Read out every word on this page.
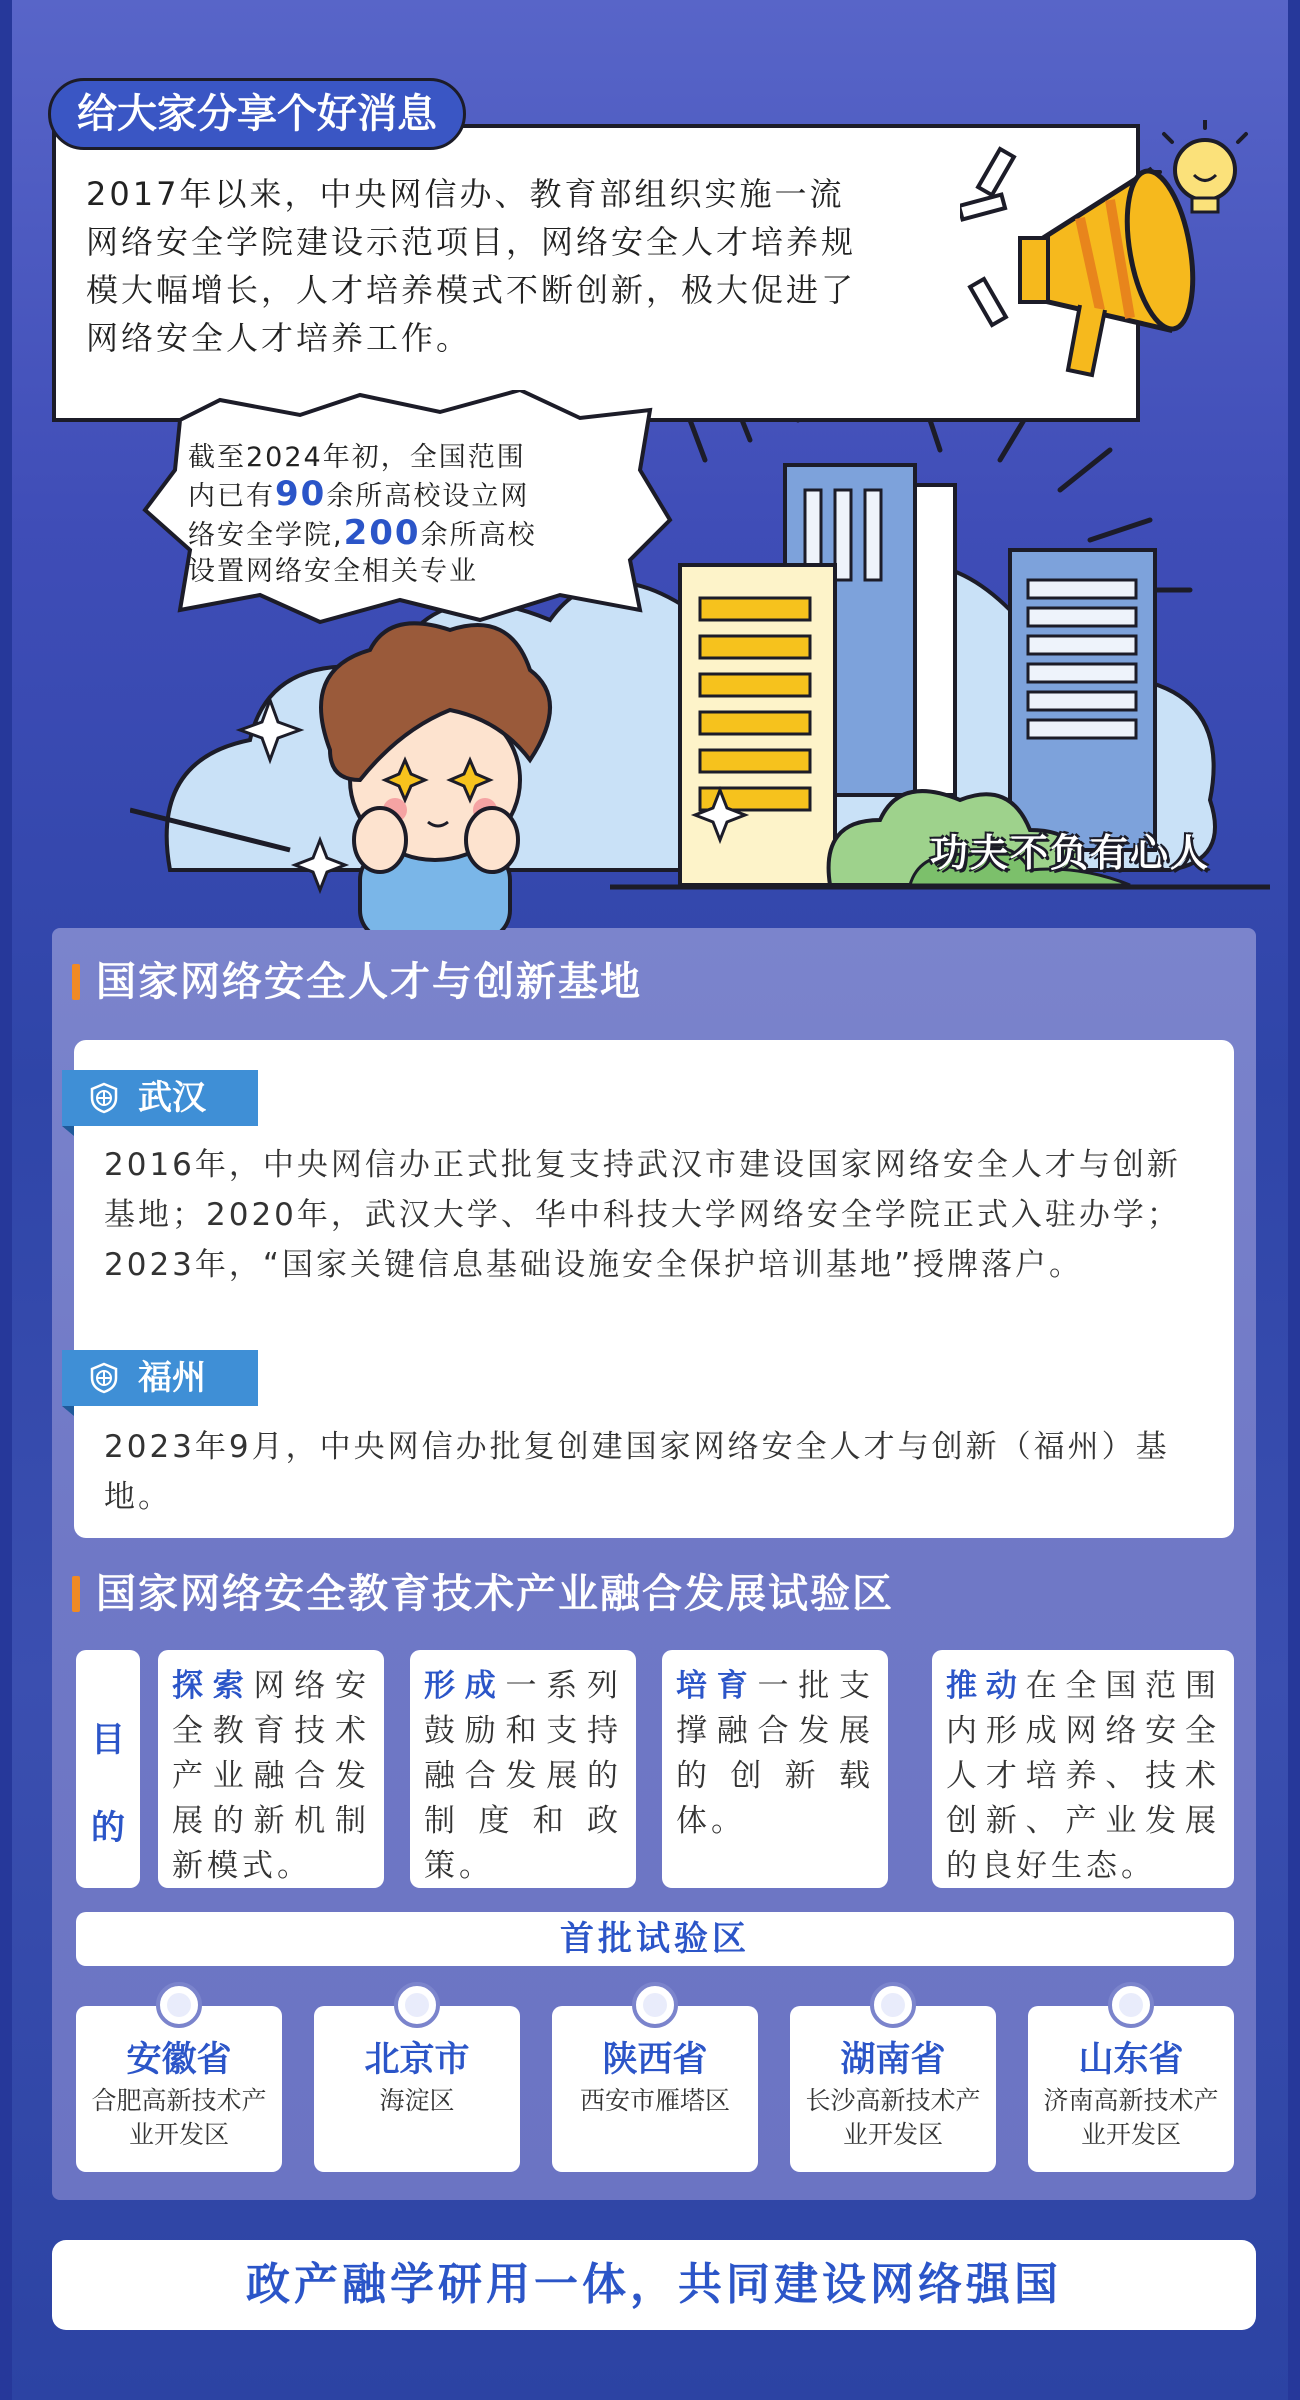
给大家分享个好消息
2017年以来，中央网信办、教育部组织实施一流
网络安全学院建设示范项目，网络安全人才培养规
模大幅增长，人才培养模式不断创新，极大促进了
网络安全人才培养工作。
截至2024年初，全国范围
内已有90余所高校设立网
络安全学院,200余所高校
设置网络安全相关专业
功夫不负有心人
国家网络安全人才与创新基地
武汉
2016年，中央网信办正式批复支持武汉市建设国家网络安全人才与创新基地；2020年，武汉大学、华中科技大学网络安全学院正式入驻办学；2023年，“国家关键信息基础设施安全保护培训基地”授牌落户。
福州
2023年9月，中央网信办批复创建国家网络安全人才与创新（福州）基地。
国家网络安全教育技术产业融合发展试验区
目
的
探索网络安全教育技术产业融合发展的新机制新模式。
形成一系列鼓励和支持融合发展的制度和政策。
培育一批支撑融合发展的创新载体。
推动在全国范围内形成网络安全人才培养、技术创新、产业发展的良好生态。
首批试验区
安徽省
合肥高新技术产业开发区
北京市
海淀区
陕西省
西安市雁塔区
湖南省
长沙高新技术产业开发区
山东省
济南高新技术产业开发区
政产融学研用一体，共同建设网络强国
